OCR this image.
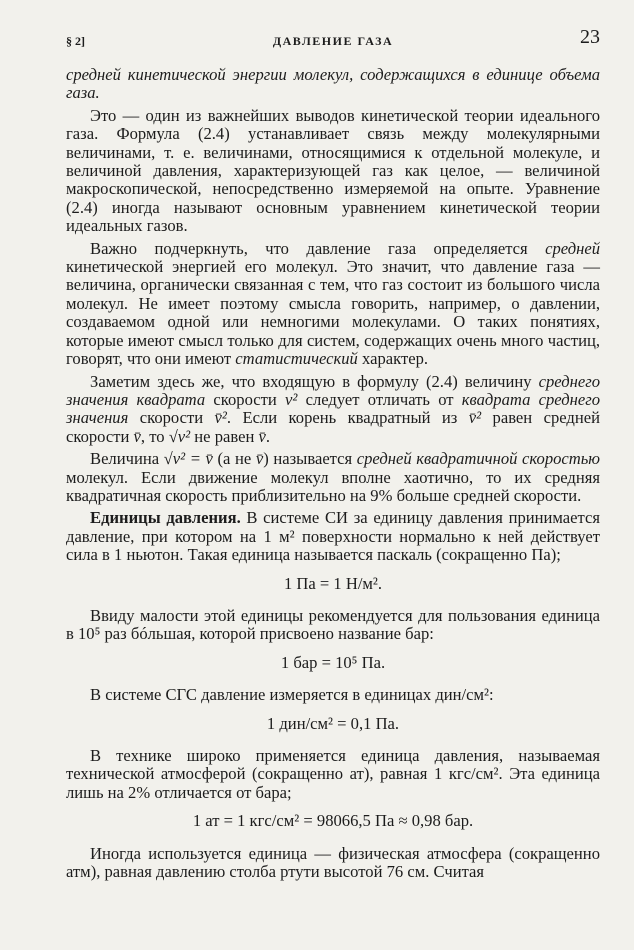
§ 2]	ДАВЛЕНИЕ ГАЗА	23

средней кинетической энергии молекул, содержащихся в единице объема газа.

Это — один из важнейших выводов кинетической теории идеального газа. Формула (2.4) устанавливает связь между молекулярными величинами, т. е. величинами, относящимися к отдельной молекуле, и величиной давления, характеризующей газ как целое, — величиной макроскопической, непосредственно измеряемой на опыте. Уравнение (2.4) иногда называют основным уравнением кинетической теории идеальных газов.

Важно подчеркнуть, что давление газа определяется средней кинетической энергией его молекул. Это значит, что давление газа — величина, органически связанная с тем, что газ состоит из большого числа молекул. Не имеет поэтому смысла говорить, например, о давлении, создаваемом одной или немногими молекулами. О таких понятиях, которые имеют смысл только для систем, содержащих очень много частиц, говорят, что они имеют статистический характер.

Заметим здесь же, что входящую в формулу (2.4) величину среднего значения квадрата скорости v² следует отличать от квадрата среднего значения скорости v̄². Если корень квадратный из v̄² равен средней скорости v̄, то √v² не равен v̄.

Величина √v² = v̄ (а не v̄) называется средней квадратичной скоростью молекул. Если движение молекул вполне хаотично, то их средняя квадратичная скорость приблизительно на 9% больше средней скорости.

Единицы давления. В системе СИ за единицу давления принимается давление, при котором на 1 м² поверхности нормально к ней действует сила в 1 ньютон. Такая единица называется паскаль (сокращенно Па);

1 Па = 1 Н/м².

Ввиду малости этой единицы рекомендуется для пользования единица в 10⁵ раз бóльшая, которой присвоено название бар:

1 бар = 10⁵ Па.

В системе СГС давление измеряется в единицах дин/см²:

1 дин/см² = 0,1 Па.

В технике широко применяется единица давления, называемая технической атмосферой (сокращенно ат), равная 1 кгс/см². Эта единица лишь на 2% отличается от бара;

1 ат = 1 кгс/см² = 98066,5 Па ≈ 0,98 бар.

Иногда используется единица — физическая атмосфера (сокращенно атм), равная давлению столба ртути высотой 76 см. Считая
